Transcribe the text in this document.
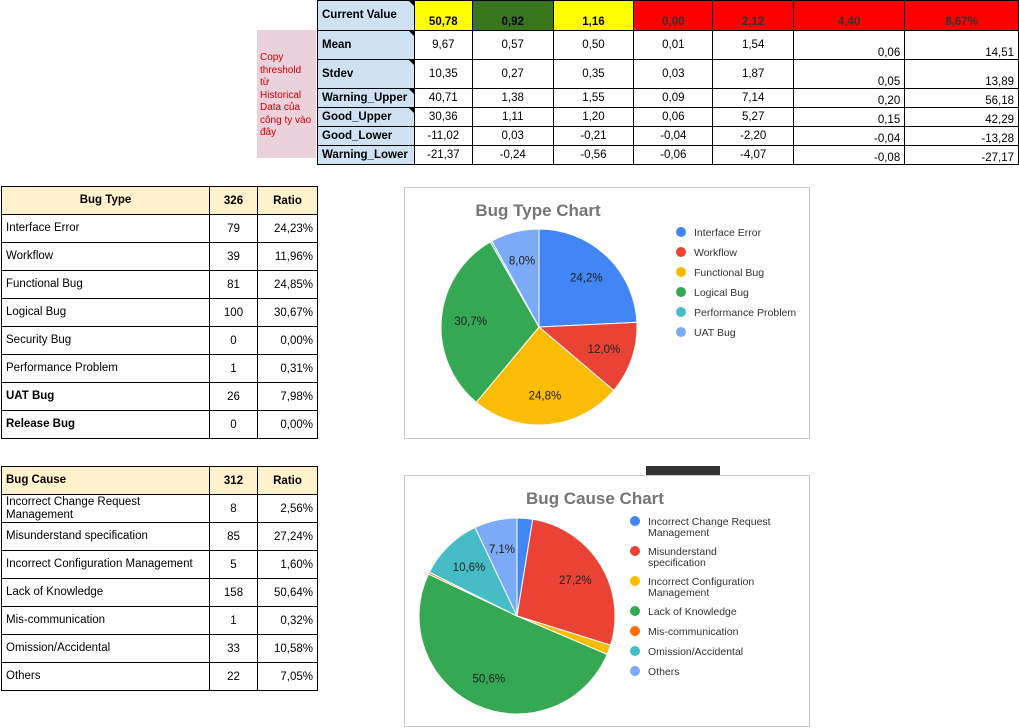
Copy threshold từ Historical Data của công ty vào đây
Current Value	50,78	0,92	1,16	0,00	2,12	4,40	8,67%
Mean	9,67	0,57	0,50	0,01	1,54	0,06	14,51
Stdev	10,35	0,27	0,35	0,03	1,87	0,05	13,89
Warning_Upper	40,71	1,38	1,55	0,09	7,14	0,20	56,18
Good_Upper	30,36	1,11	1,20	0,06	5,27	0,15	42,29
Good_Lower	-11,02	0,03	-0,21	-0,04	-2,20	-0,04	-13,28
Warning_Lower	-21,37	-0,24	-0,56	-0,06	-4,07	-0,08	-27,17
Bug Type	326	Ratio
Interface Error	79	24,23%
Workflow	39	11,96%
Functional Bug	81	24,85%
Logical Bug	100	30,67%
Security Bug	0	0,00%
Performance Problem	1	0,31%
UAT Bug	26	7,98%
Release Bug	0	0,00%
Bug Cause	312	Ratio
Incorrect Change Request Management	8	2,56%
Misunderstand specification	85	27,24%
Incorrect Configuration Management	5	1,60%
Lack of Knowledge	158	50,64%
Mis-communication	1	0,32%
Omission/Accidental	33	10,58%
Others	22	7,05%
Bug Type Chart
24,2%
12,0%
24,8%
30,7%
8,0%
Interface Error
Workflow
Functional Bug
Logical Bug
Performance Problem
UAT Bug
Bug Cause Chart
27,2%
50,6%
10,6%
7,1%
Incorrect Change Request Management
Misunderstand specification
Incorrect Configuration Management
Lack of Knowledge
Mis-communication
Omission/Accidental
Others
